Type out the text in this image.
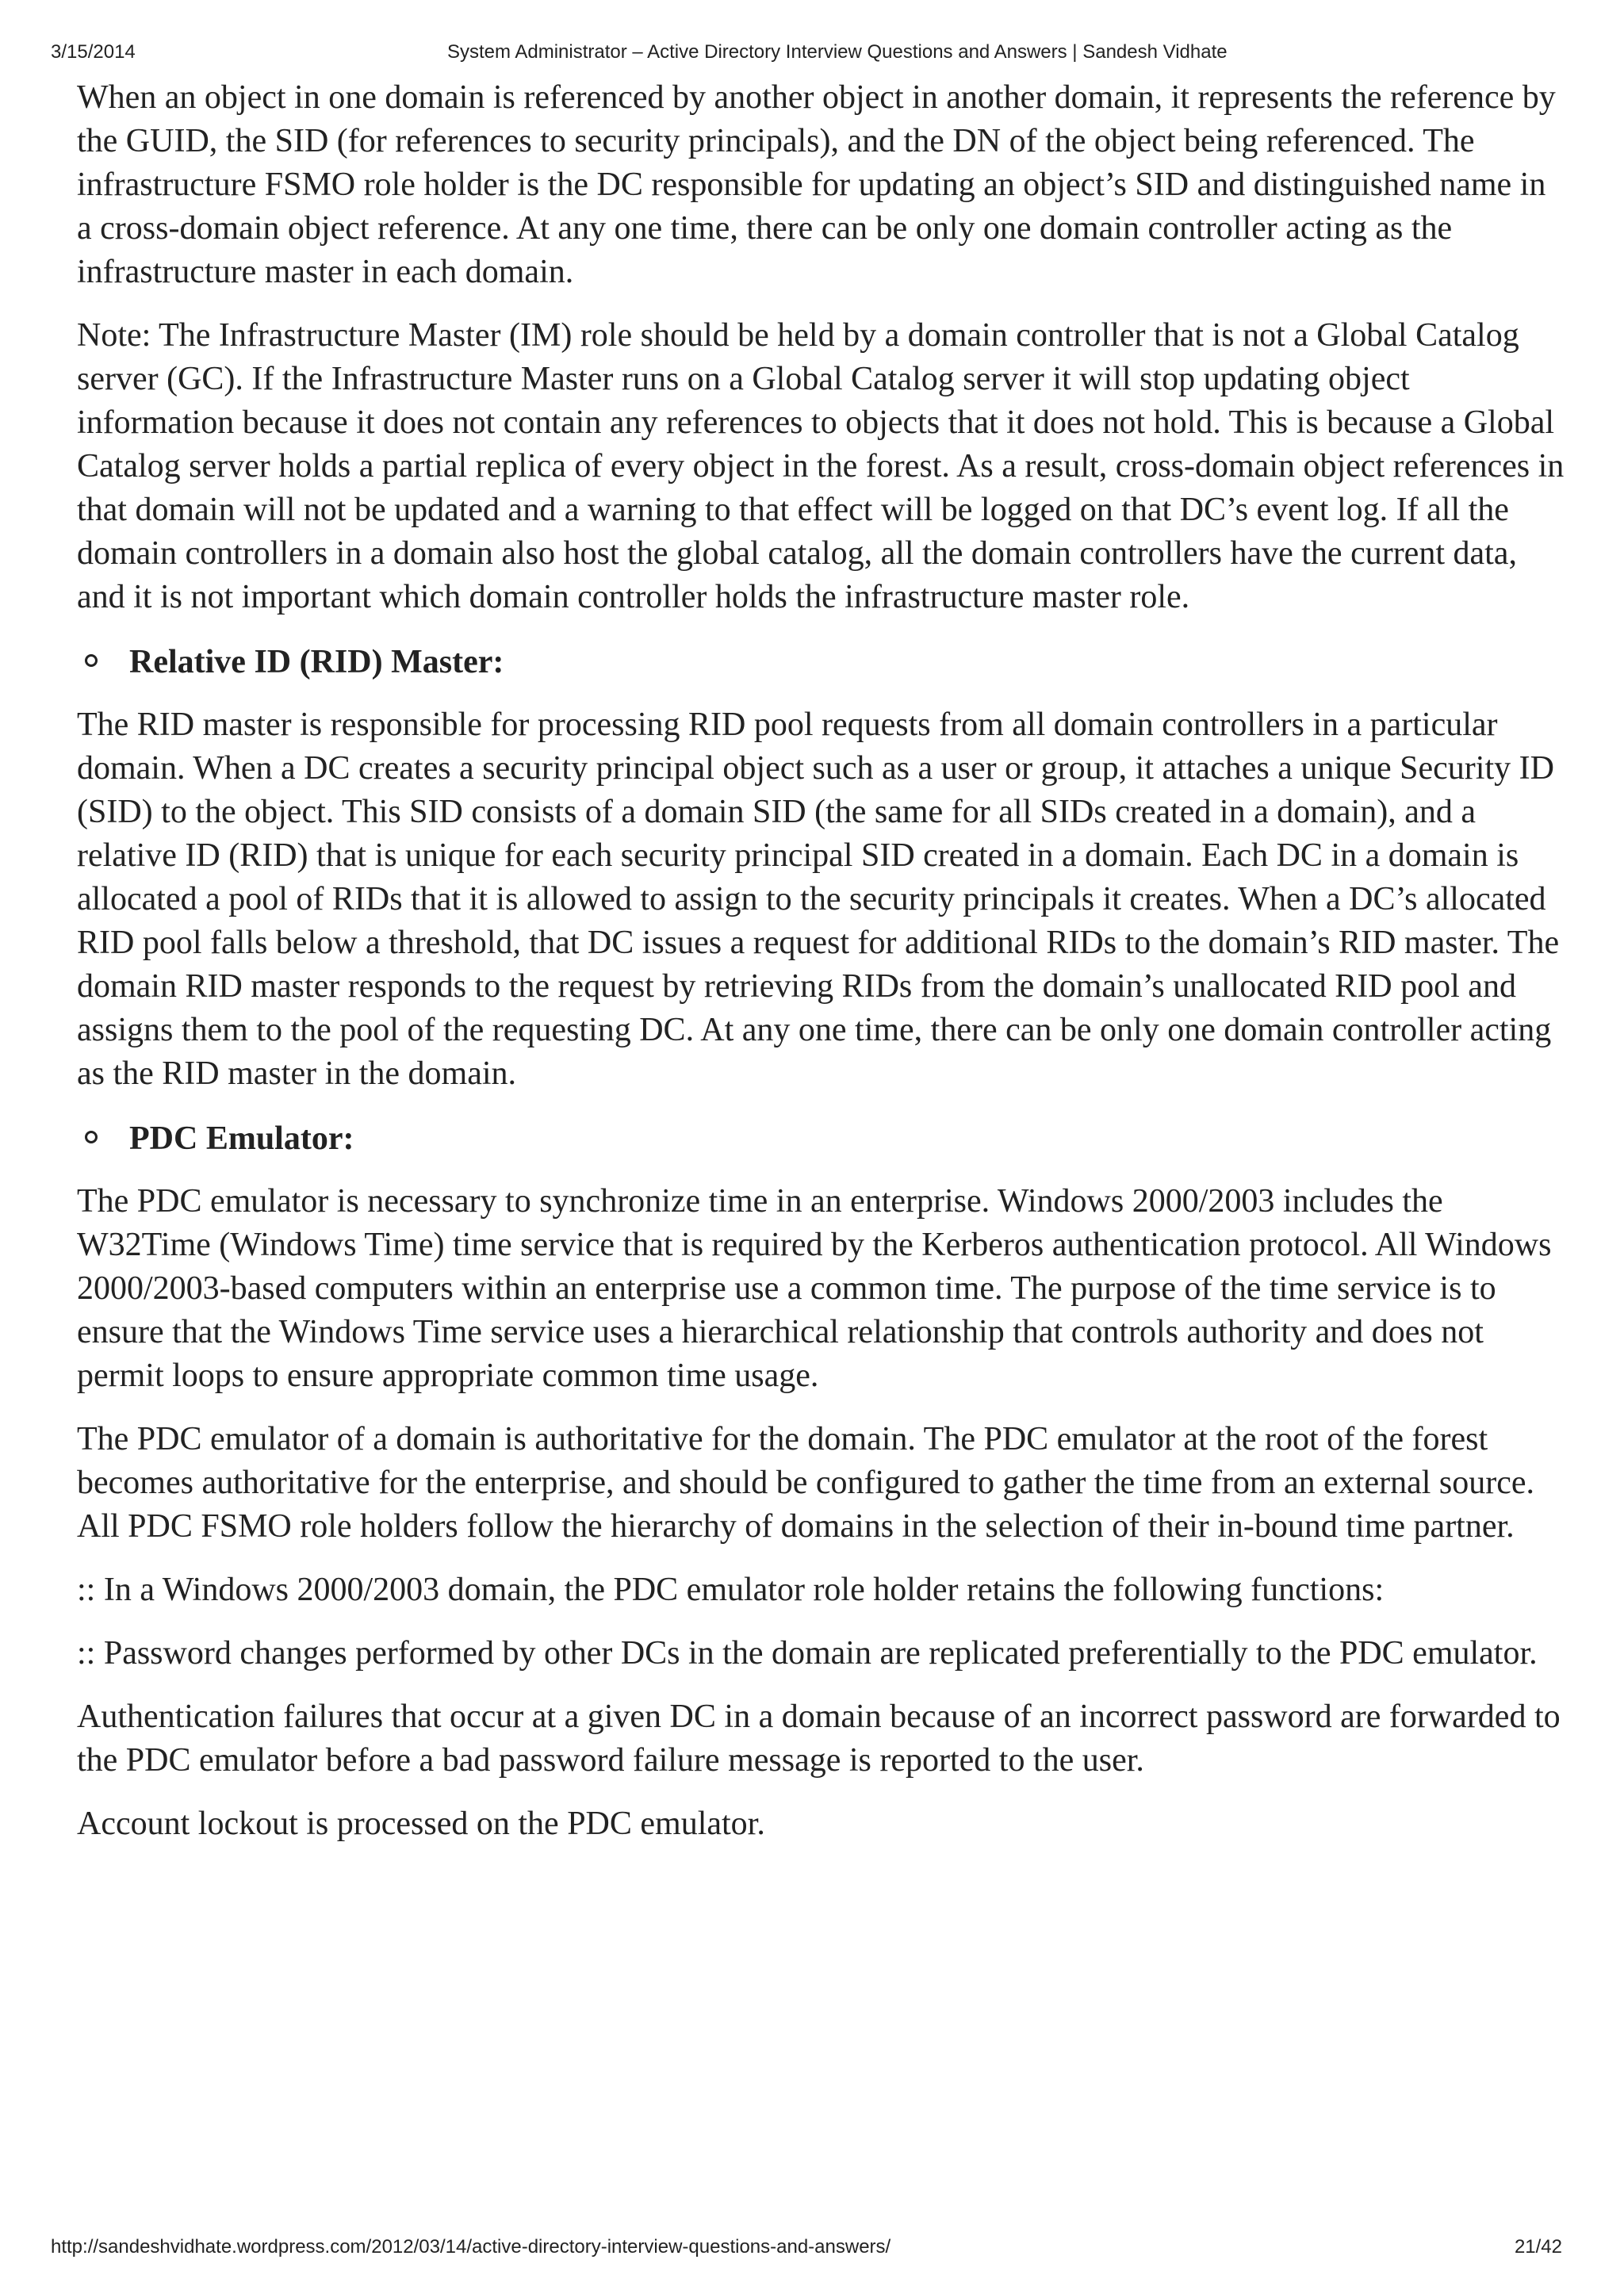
3/15/2014	System Administrator – Active Directory Interview Questions and Answers | Sandesh Vidhate

When an object in one domain is referenced by another object in another domain, it represents the reference by the GUID, the SID (for references to security principals), and the DN of the object being referenced. The infrastructure FSMO role holder is the DC responsible for updating an object’s SID and distinguished name in a cross-domain object reference. At any one time, there can be only one domain controller acting as the infrastructure master in each domain.

Note: The Infrastructure Master (IM) role should be held by a domain controller that is not a Global Catalog server (GC). If the Infrastructure Master runs on a Global Catalog server it will stop updating object information because it does not contain any references to objects that it does not hold. This is because a Global Catalog server holds a partial replica of every object in the forest. As a result, cross-domain object references in that domain will not be updated and a warning to that effect will be logged on that DC’s event log. If all the domain controllers in a domain also host the global catalog, all the domain controllers have the current data, and it is not important which domain controller holds the infrastructure master role.

Relative ID (RID) Master:

The RID master is responsible for processing RID pool requests from all domain controllers in a particular domain. When a DC creates a security principal object such as a user or group, it attaches a unique Security ID (SID) to the object. This SID consists of a domain SID (the same for all SIDs created in a domain), and a relative ID (RID) that is unique for each security principal SID created in a domain. Each DC in a domain is allocated a pool of RIDs that it is allowed to assign to the security principals it creates. When a DC’s allocated RID pool falls below a threshold, that DC issues a request for additional RIDs to the domain’s RID master. The domain RID master responds to the request by retrieving RIDs from the domain’s unallocated RID pool and assigns them to the pool of the requesting DC. At any one time, there can be only one domain controller acting as the RID master in the domain.

PDC Emulator:

The PDC emulator is necessary to synchronize time in an enterprise. Windows 2000/2003 includes the W32Time (Windows Time) time service that is required by the Kerberos authentication protocol. All Windows 2000/2003-based computers within an enterprise use a common time. The purpose of the time service is to ensure that the Windows Time service uses a hierarchical relationship that controls authority and does not permit loops to ensure appropriate common time usage.

The PDC emulator of a domain is authoritative for the domain. The PDC emulator at the root of the forest becomes authoritative for the enterprise, and should be configured to gather the time from an external source. All PDC FSMO role holders follow the hierarchy of domains in the selection of their in-bound time partner.

:: In a Windows 2000/2003 domain, the PDC emulator role holder retains the following functions:

:: Password changes performed by other DCs in the domain are replicated preferentially to the PDC emulator.

Authentication failures that occur at a given DC in a domain because of an incorrect password are forwarded to the PDC emulator before a bad password failure message is reported to the user.

Account lockout is processed on the PDC emulator.

http://sandeshvidhate.wordpress.com/2012/03/14/active-directory-interview-questions-and-answers/	21/42
